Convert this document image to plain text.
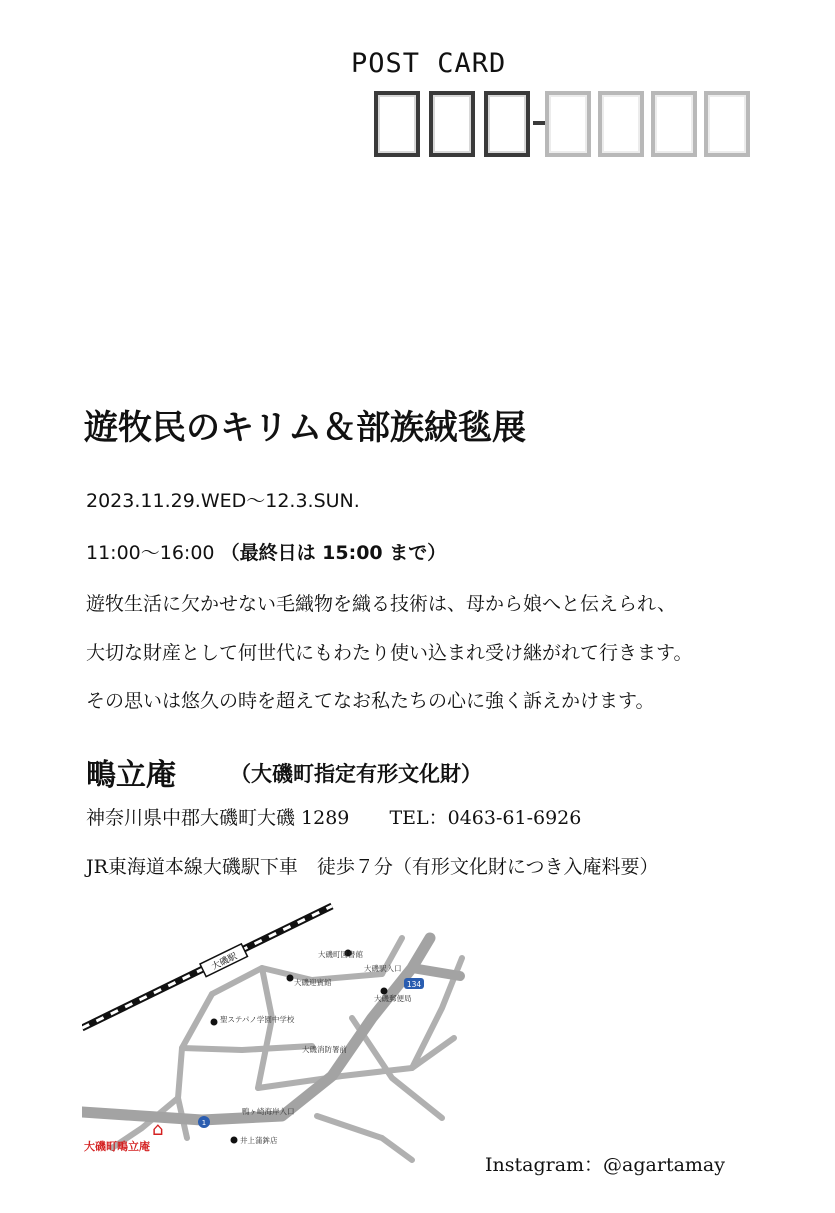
POST CARD
遊牧民のキリム＆部族絨毯展
2023.11.29.WED～12.3.SUN.
11:00～16:00 （最終日は 15:00 まで）
遊牧生活に欠かせない毛織物を織る技術は、母から娘へと伝えられ、
大切な財産として何世代にもわたり使い込まれ受け継がれて行きます。
その思いは悠久の時を超えてなお私たちの心に強く訴えかけます。
鴫立庵	（大磯町指定有形文化財）
神奈川県中郡大磯町大磯 1289 TEL：0463-61-6926
JR東海道本線大磯駅下車　徒歩７分（有形文化財につき入庵料要）
大磯駅	大磯町図書館
大磯駅入口
大磯迎賓館	134
大磯郵便局
聖ステパノ学園中学校
大磯消防署前
鴨ヶ崎海岸入口
1
井上蒲鉾店
⌂
大磯町鴫立庵
Instagram：@agartamay
